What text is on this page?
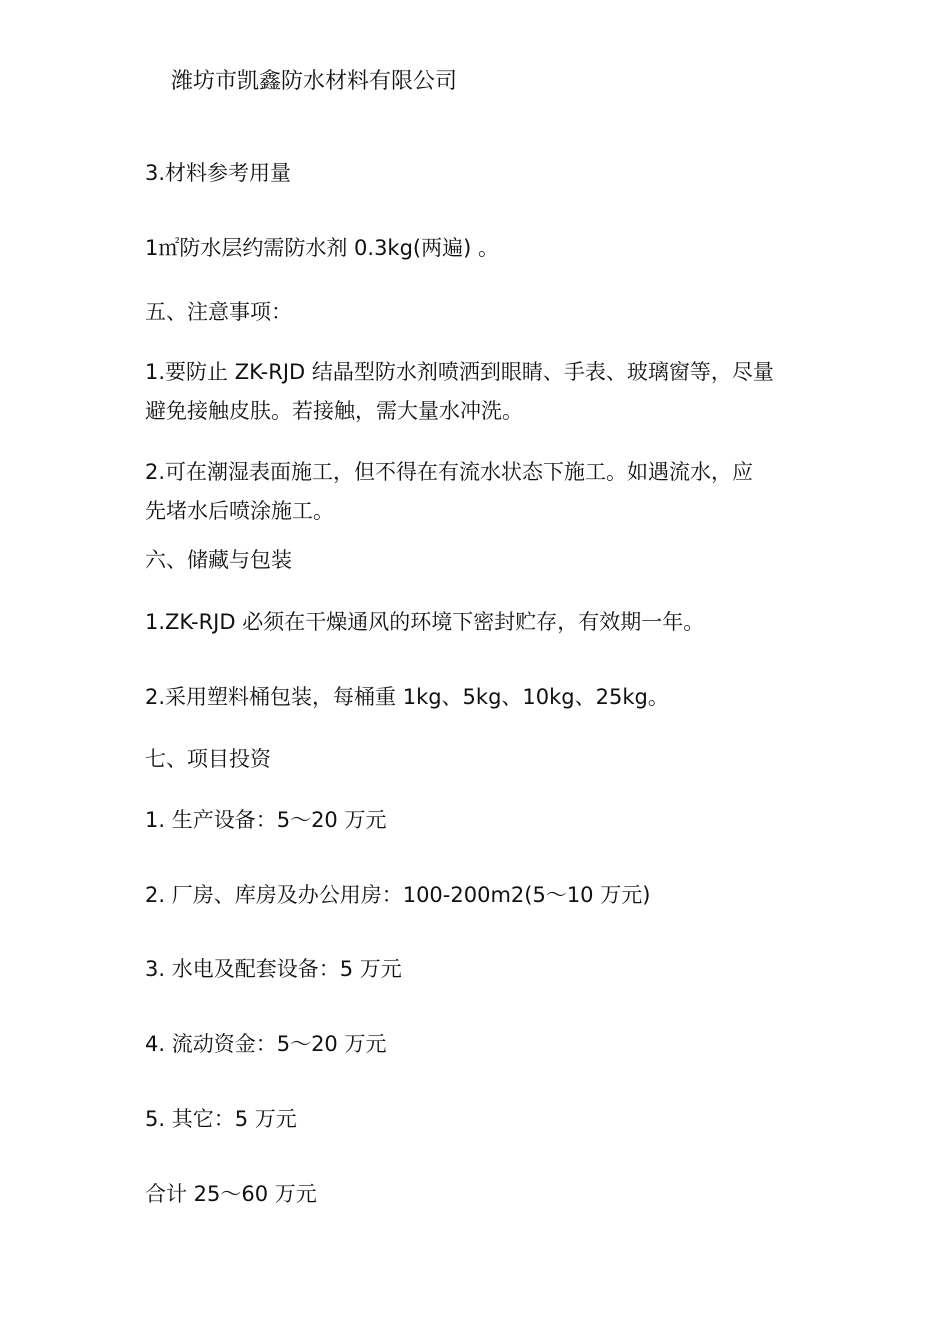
潍坊市凯鑫防水材料有限公司
3.材料参考用量
1㎡防水层约需防水剂 0.3kg(两遍) 。
五、注意事项：
1.要防止 ZK-RJD 结晶型防水剂喷洒到眼睛、手表、玻璃窗等，尽量
避免接触皮肤。若接触，需大量水冲洗。
2.可在潮湿表面施工，但不得在有流水状态下施工。如遇流水，应
先堵水后喷涂施工。
六、储藏与包装
1.ZK-RJD 必须在干燥通风的环境下密封贮存，有效期一年。
2.采用塑料桶包装，每桶重 1kg、5kg、10kg、25kg。
七、项目投资
1. 生产设备：5～20 万元
2. 厂房、库房及办公用房：100-200m2(5～10 万元)
3. 水电及配套设备：5 万元
4. 流动资金：5～20 万元
5. 其它：5 万元
合计 25～60 万元
